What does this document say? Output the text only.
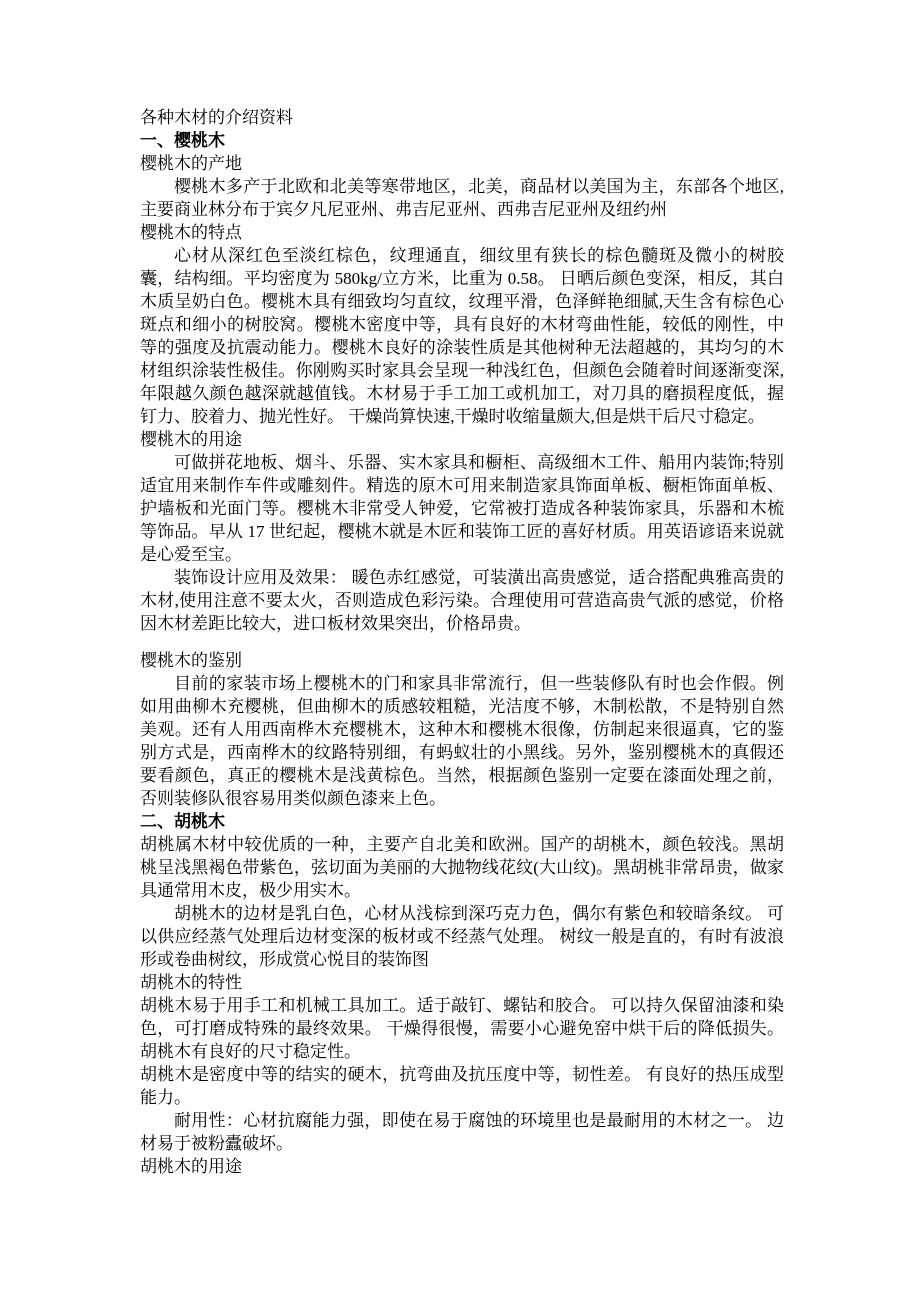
各种木材的介绍资料

一、樱桃木

樱桃木的产地

樱桃木多产于北欧和北美等寒带地区，北美，商品材以美国为主，东部各个地区,主要商业林分布于宾夕凡尼亚州、弗吉尼亚州、西弗吉尼亚州及纽约州

樱桃木的特点

心材从深红色至淡红棕色，纹理通直，细纹里有狭长的棕色髓斑及微小的树胶囊，结构细。平均密度为 580kg/立方米，比重为 0.58。 日晒后颜色变深，相反，其白木质呈奶白色。樱桃木具有细致均匀直纹，纹理平滑，色泽鲜艳细腻,天生含有棕色心斑点和细小的树胶窝。樱桃木密度中等，具有良好的木材弯曲性能，较低的刚性，中等的强度及抗震动能力。樱桃木良好的涂装性质是其他树种无法超越的，其均匀的木材组织涂装性极佳。你刚购买时家具会呈现一种浅红色，但颜色会随着时间逐渐变深,年限越久颜色越深就越值钱。木材易于手工加工或机加工，对刀具的磨损程度低，握钉力、胶着力、抛光性好。 干燥尚算快速,干燥时收缩量颇大,但是烘干后尺寸稳定。

樱桃木的用途

可做拼花地板、烟斗、乐器、实木家具和橱柜、高级细木工件、船用内装饰;特别适宜用来制作车件或雕刻件。精选的原木可用来制造家具饰面单板、橱柜饰面单板、护墙板和光面门等。樱桃木非常受人钟爱，它常被打造成各种装饰家具，乐器和木梳等饰品。早从 17 世纪起，樱桃木就是木匠和装饰工匠的喜好材质。用英语谚语来说就是心爱至宝。

装饰设计应用及效果： 暖色赤红感觉，可装潢出高贵感觉，适合搭配典雅高贵的木材,使用注意不要太火，否则造成色彩污染。合理使用可营造高贵气派的感觉，价格因木材差距比较大，进口板材效果突出，价格昂贵。

樱桃木的鉴别

目前的家装市场上樱桃木的门和家具非常流行，但一些装修队有时也会作假。例如用曲柳木充樱桃，但曲柳木的质感较粗糙，光洁度不够，木制松散，不是特别自然美观。还有人用西南桦木充樱桃木，这种木和樱桃木很像，仿制起来很逼真，它的鉴别方式是，西南桦木的纹路特别细，有蚂蚁壮的小黑线。另外，鉴别樱桃木的真假还要看颜色，真正的樱桃木是浅黄棕色。当然，根据颜色鉴别一定要在漆面处理之前，否则装修队很容易用类似颜色漆来上色。

二、胡桃木

胡桃属木材中较优质的一种，主要产自北美和欧洲。国产的胡桃木，颜色较浅。黑胡桃呈浅黑褐色带紫色，弦切面为美丽的大抛物线花纹(大山纹)。黑胡桃非常昂贵，做家具通常用木皮，极少用实木。

胡桃木的边材是乳白色，心材从浅棕到深巧克力色，偶尔有紫色和较暗条纹。 可以供应经蒸气处理后边材变深的板材或不经蒸气处理。 树纹一般是直的，有时有波浪形或卷曲树纹，形成赏心悦目的装饰图

胡桃木的特性

胡桃木易于用手工和机械工具加工。适于敲钉、螺钻和胶合。 可以持久保留油漆和染色，可打磨成特殊的最终效果。 干燥得很慢，需要小心避免窑中烘干后的降低损失。 胡桃木有良好的尺寸稳定性。

胡桃木是密度中等的结实的硬木，抗弯曲及抗压度中等，韧性差。 有良好的热压成型能力。

耐用性：心材抗腐能力强，即使在易于腐蚀的环境里也是最耐用的木材之一。 边材易于被粉蠹破坏。

胡桃木的用途
